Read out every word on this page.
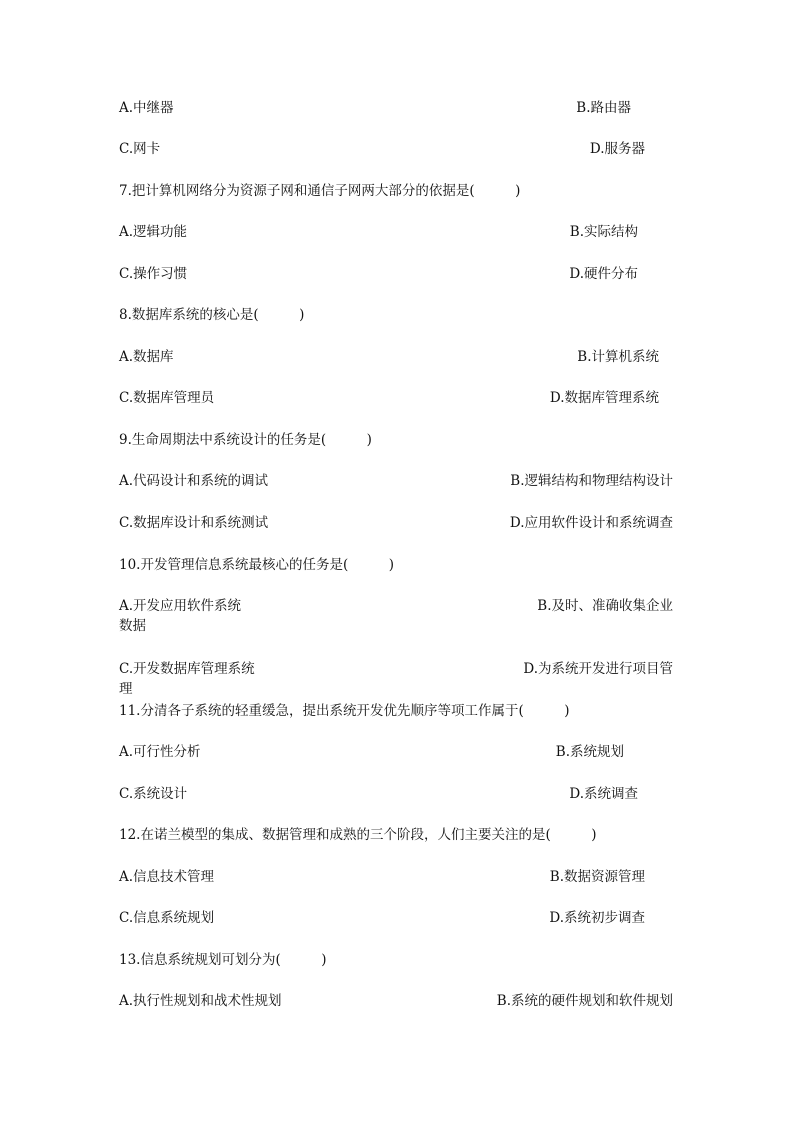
A.中继器	B.路由器
C.网卡	D.服务器
7.把计算机网络分为资源子网和通信子网两大部分的依据是(　　　)
A.逻辑功能	B.实际结构
C.操作习惯	D.硬件分布
8.数据库系统的核心是(　　　)
A.数据库	B.计算机系统
C.数据库管理员	D.数据库管理系统
9.生命周期法中系统设计的任务是(　　　)
A.代码设计和系统的调试	B.逻辑结构和物理结构设计
C.数据库设计和系统测试	D.应用软件设计和系统调查
10.开发管理信息系统最核心的任务是(　　　)
A.开发应用软件系统	B.及时、准确收集企业
数据
C.开发数据库管理系统	D.为系统开发进行项目管
理
11.分清各子系统的轻重缓急，提出系统开发优先顺序等项工作属于(　　　)
A.可行性分析	B.系统规划
C.系统设计	D.系统调查
12.在诺兰模型的集成、数据管理和成熟的三个阶段，人们主要关注的是(　　　)
A.信息技术管理	B.数据资源管理
C.信息系统规划	D.系统初步调查
13.信息系统规划可划分为(　　　)
A.执行性规划和战术性规划	B.系统的硬件规划和软件规划
